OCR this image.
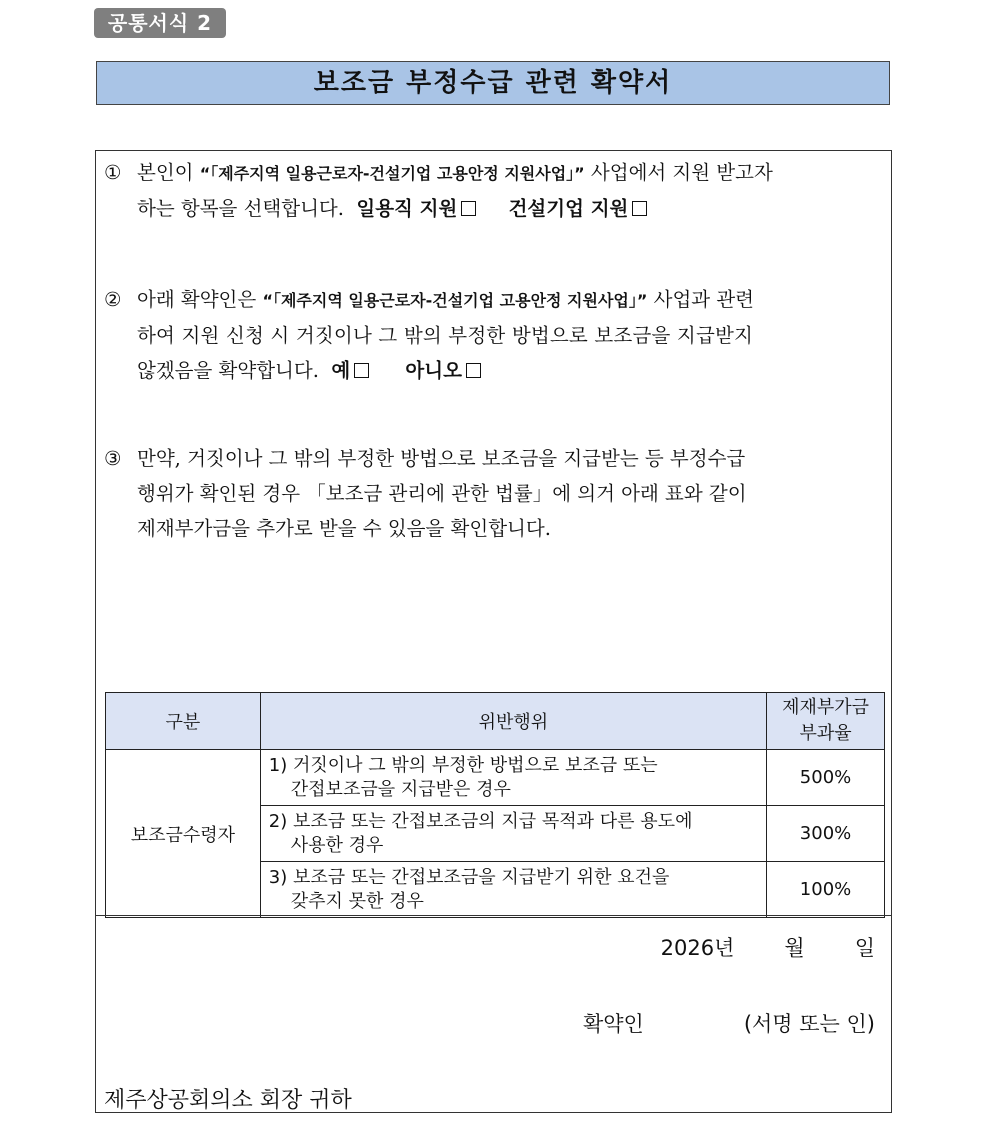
공통서식 2
보조금 부정수급 관련 확약서
① 본인이 “「제주지역 일용근로자-건설기업 고용안정 지원사업」” 사업에서 지원 받고자
하는 항목을 선택합니다. 일용직 지원	건설기업 지원
② 아래 확약인은 “「제주지역 일용근로자-건설기업 고용안정 지원사업」” 사업과 관련
하여 지원 신청 시 거짓이나 그 밖의 부정한 방법으로 보조금을 지급받지
않겠음을 확약합니다. 예	아니오
③ 만약, 거짓이나 그 밖의 부정한 방법으로 보조금을 지급받는 등 부정수급
행위가 확인된 경우 「보조금 관리에 관한 법률」에 의거 아래 표와 같이
제재부가금을 추가로 받을 수 있음을 확인합니다.
구분	위반행위	제재부가금
부과율
보조금수령자	1) 거짓이나 그 밖의 부정한 방법으로 보조금 또는
간접보조금을 지급받은 경우	500%
	2) 보조금 또는 간접보조금의 지급 목적과 다른 용도에
사용한 경우	300%
	3) 보조금 또는 간접보조금을 지급받기 위한 요건을
갖추지 못한 경우	100%
2026년 월 일
확약인	(서명 또는 인)
제주상공회의소 회장 귀하
